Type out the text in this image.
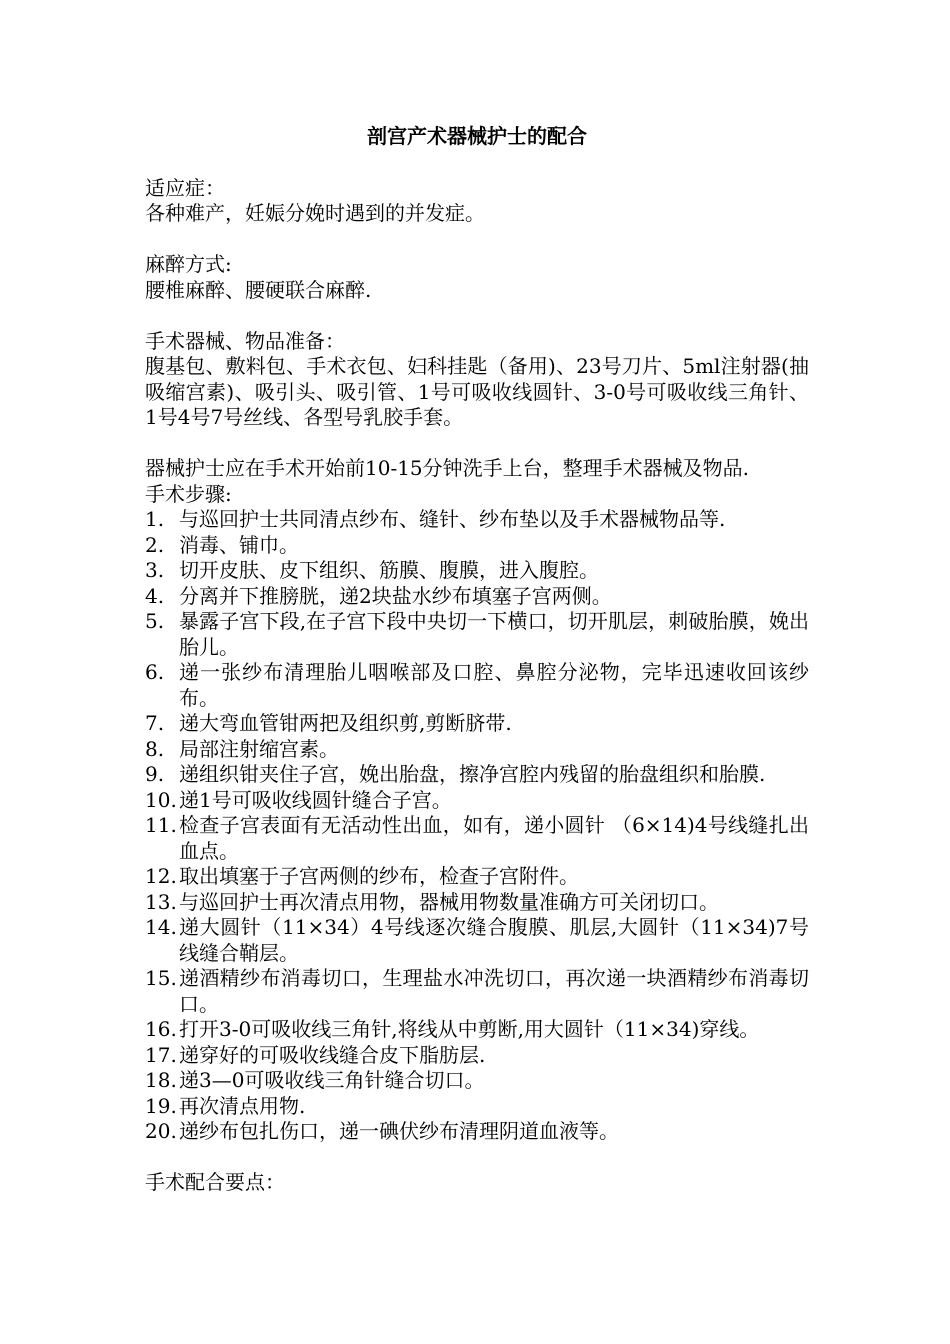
剖宫产术器械护士的配合
适应症：
各种难产，妊娠分娩时遇到的并发症。
麻醉方式:
腰椎麻醉、腰硬联合麻醉.
手术器械、物品准备：
腹基包、敷料包、手术衣包、妇科挂匙（备用)、23号刀片、5ml注射器(抽吸缩宫素)、吸引头、吸引管、1号可吸收线圆针、3-0号可吸收线三角针、1号4号7号丝线、各型号乳胶手套。
器械护士应在手术开始前10-15分钟洗手上台，整理手术器械及物品.
手术步骤:
1. 与巡回护士共同清点纱布、缝针、纱布垫以及手术器械物品等.
2. 消毒、铺巾。
3. 切开皮肤、皮下组织、筋膜、腹膜，进入腹腔。
4. 分离并下推膀胱，递2块盐水纱布填塞子宫两侧。
5. 暴露子宫下段,在子宫下段中央切一下横口，切开肌层，刺破胎膜，娩出胎儿。
6. 递一张纱布清理胎儿咽喉部及口腔、鼻腔分泌物，完毕迅速收回该纱布。
7. 递大弯血管钳两把及组织剪,剪断脐带.
8. 局部注射缩宫素。
9. 递组织钳夹住子宫，娩出胎盘，擦净宫腔内残留的胎盘组织和胎膜.
10. 递1号可吸收线圆针缝合子宫。
11. 检查子宫表面有无活动性出血，如有，递小圆针 （6×14)4号线缝扎出血点。
12. 取出填塞于子宫两侧的纱布，检查子宫附件。
13. 与巡回护士再次清点用物，器械用物数量准确方可关闭切口。
14. 递大圆针（11×34）4号线逐次缝合腹膜、肌层,大圆针（11×34)7号线缝合鞘层。
15. 递酒精纱布消毒切口，生理盐水冲洗切口，再次递一块酒精纱布消毒切口。
16. 打开3-0可吸收线三角针,将线从中剪断,用大圆针（11×34)穿线。
17. 递穿好的可吸收线缝合皮下脂肪层.
18. 递3—0可吸收线三角针缝合切口。
19. 再次清点用物.
20. 递纱布包扎伤口，递一碘伏纱布清理阴道血液等。
手术配合要点：
